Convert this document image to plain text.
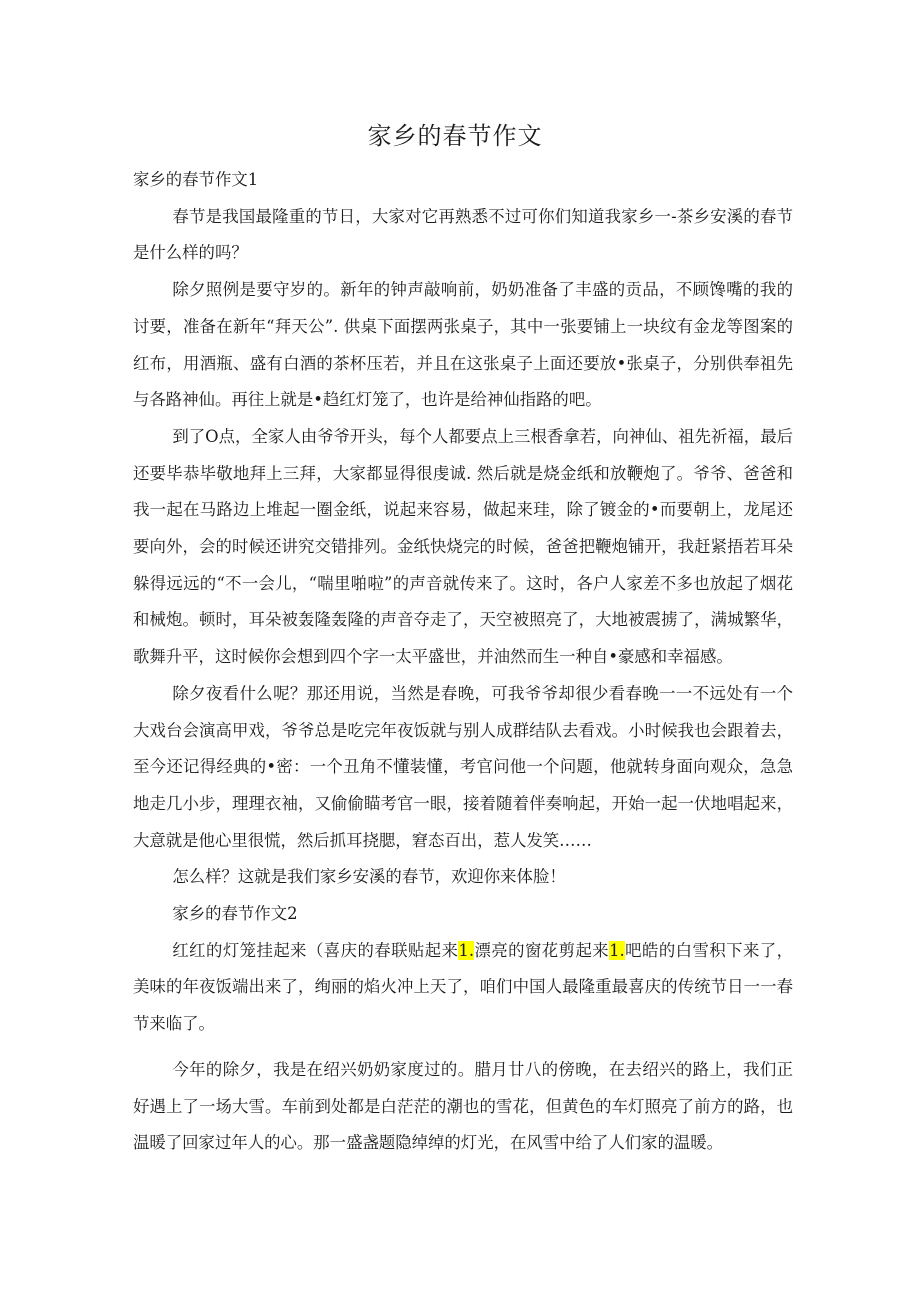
家乡的春节作文

家乡的春节作文1

春节是我国最隆重的节日，大家对它再熟悉不过可你们知道我家乡一-茶乡安溪的春节是什么样的吗？

除夕照例是要守岁的。新年的钟声敲响前，奶奶准备了丰盛的贡品，不顾馋嘴的我的讨要，准备在新年“拜天公”. 供桌下面摆两张桌子，其中一张要铺上一块纹有金龙等图案的红布，用酒瓶、盛有白酒的茶杯压若，并且在这张桌子上面还要放•张桌子，分别供奉祖先与各路神仙。再往上就是•趋红灯笼了，也许是给神仙指路的吧。

到了O点，全家人由爷爷开头，每个人都要点上三根香拿若，向神仙、祖先祈福，最后还要毕恭毕敬地拜上三拜，大家都显得很虔诚. 然后就是烧金纸和放鞭炮了。爷爷、爸爸和我一起在马路边上堆起一圈金纸，说起来容易，做起来珪，除了镀金的•而要朝上，龙尾还要向外，会的时候还讲究交错排列。金纸快烧完的时候，爸爸把鞭炮铺开，我赶紧捂若耳朵躲得远远的“不一会儿，“喘里啪啦”的声音就传来了。这时，各户人家差不多也放起了烟花和械炮。顿时，耳朵被轰隆轰隆的声音夺走了，天空被照亮了，大地被震掳了，满城繁华，歌舞升平，这时候你会想到四个字一太平盛世，并油然而生一种自•豪感和幸福感。

除夕夜看什么呢？那还用说，当然是春晚，可我爷爷却很少看春晚一一不远处有一个大戏台会演高甲戏，爷爷总是吃完年夜饭就与别人成群结队去看戏。小时候我也会跟着去，至今还记得经典的•密：一个丑角不懂装懂，考官问他一个问题，他就转身面向观众，急急地走几小步，理理衣袖，又偷偷瞄考官一眼，接着随着伴奏响起，开始一起一伏地唱起来，大意就是他心里很慌，然后抓耳挠腮，窘态百出，惹人发笑……

怎么样？这就是我们家乡安溪的春节，欢迎你来体脸！

家乡的春节作文2

红红的灯笼挂起来（喜庆的春联贴起来1.漂亮的窗花剪起来1.吧皓的白雪积下来了，美味的年夜饭端出来了，绚丽的焰火冲上天了，咱们中国人最隆重最喜庆的传统节日一一春节来临了。

今年的除夕，我是在绍兴奶奶家度过的。腊月廿八的傍晚，在去绍兴的路上，我们正好遇上了一场大雪。车前到处都是白茫茫的潮也的雪花，但黄色的车灯照亮了前方的路，也温暖了回家过年人的心。那一盛盏题隐绰绰的灯光，在风雪中给了人们家的温暖。
